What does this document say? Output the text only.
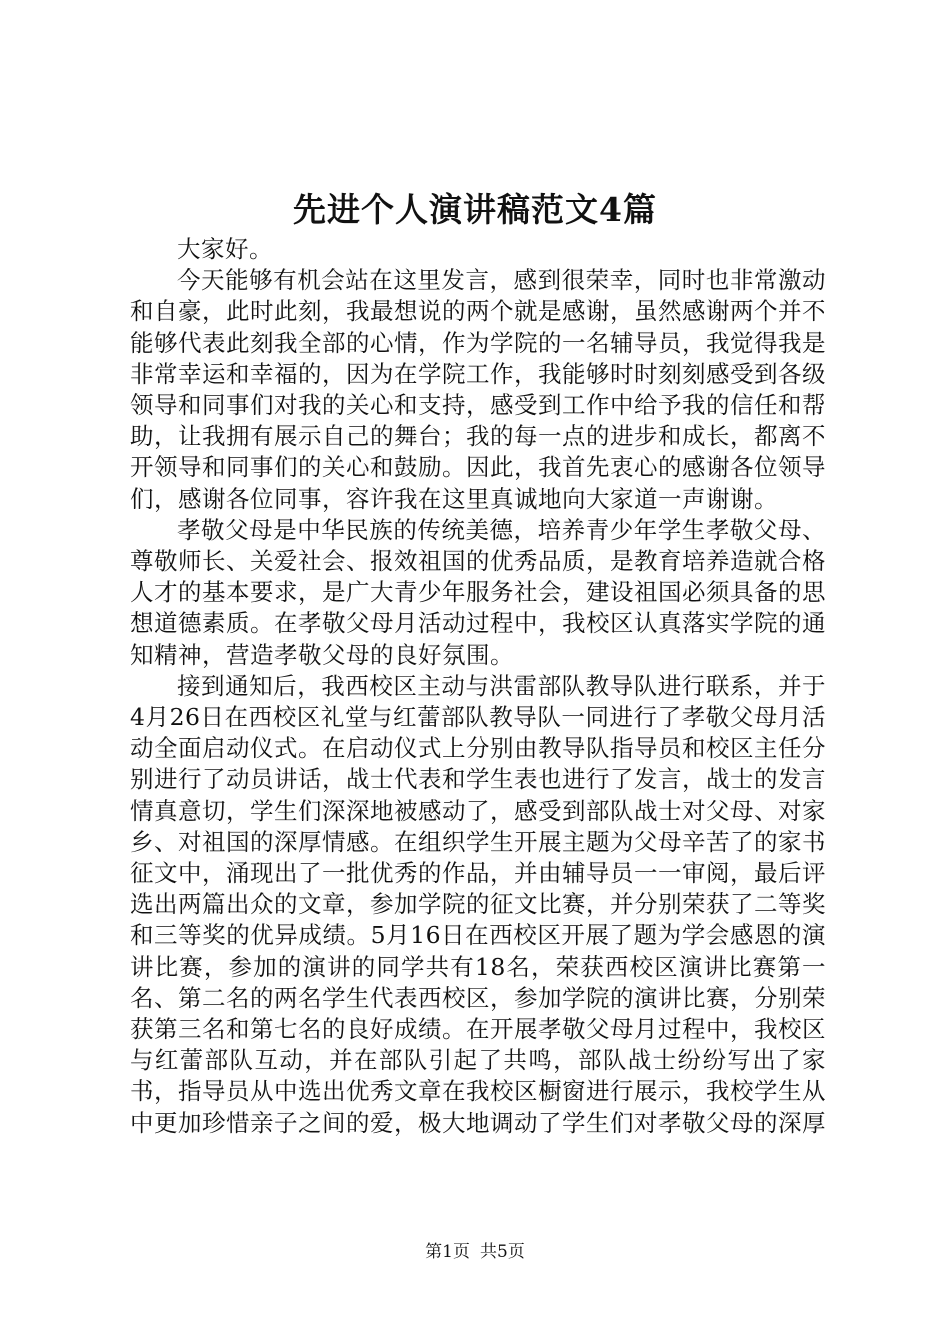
先进个人演讲稿范文4篇

大家好。

今天能够有机会站在这里发言，感到很荣幸，同时也非常激动和自豪，此时此刻，我最想说的两个就是感谢，虽然感谢两个并不能够代表此刻我全部的心情，作为学院的一名辅导员，我觉得我是非常幸运和幸福的，因为在学院工作，我能够时时刻刻感受到各级领导和同事们对我的关心和支持，感受到工作中给予我的信任和帮助，让我拥有展示自己的舞台；我的每一点的进步和成长，都离不开领导和同事们的关心和鼓励。因此，我首先衷心的感谢各位领导们，感谢各位同事，容许我在这里真诚地向大家道一声谢谢。

孝敬父母是中华民族的传统美德，培养青少年学生孝敬父母、尊敬师长、关爱社会、报效祖国的优秀品质，是教育培养造就合格人才的基本要求，是广大青少年服务社会，建设祖国必须具备的思想道德素质。在孝敬父母月活动过程中，我校区认真落实学院的通知精神，营造孝敬父母的良好氛围。

接到通知后，我西校区主动与洪雷部队教导队进行联系，并于4月26日在西校区礼堂与红蕾部队教导队一同进行了孝敬父母月活动全面启动仪式。在启动仪式上分别由教导队指导员和校区主任分别进行了动员讲话，战士代表和学生表也进行了发言，战士的发言情真意切，学生们深深地被感动了，感受到部队战士对父母、对家乡、对祖国的深厚情感。在组织学生开展主题为父母辛苦了的家书征文中，涌现出了一批优秀的作品，并由辅导员一一审阅，最后评选出两篇出众的文章，参加学院的征文比赛，并分别荣获了二等奖和三等奖的优异成绩。5月16日在西校区开展了题为学会感恩的演讲比赛，参加的演讲的同学共有18名，荣获西校区演讲比赛第一名、第二名的两名学生代表西校区，参加学院的演讲比赛，分别荣获第三名和第七名的良好成绩。在开展孝敬父母月过程中，我校区与红蕾部队互动，并在部队引起了共鸣，部队战士纷纷写出了家书，指导员从中选出优秀文章在我校区橱窗进行展示，我校学生从中更加珍惜亲子之间的爱，极大地调动了学生们对孝敬父母的深厚

第1页 共5页
